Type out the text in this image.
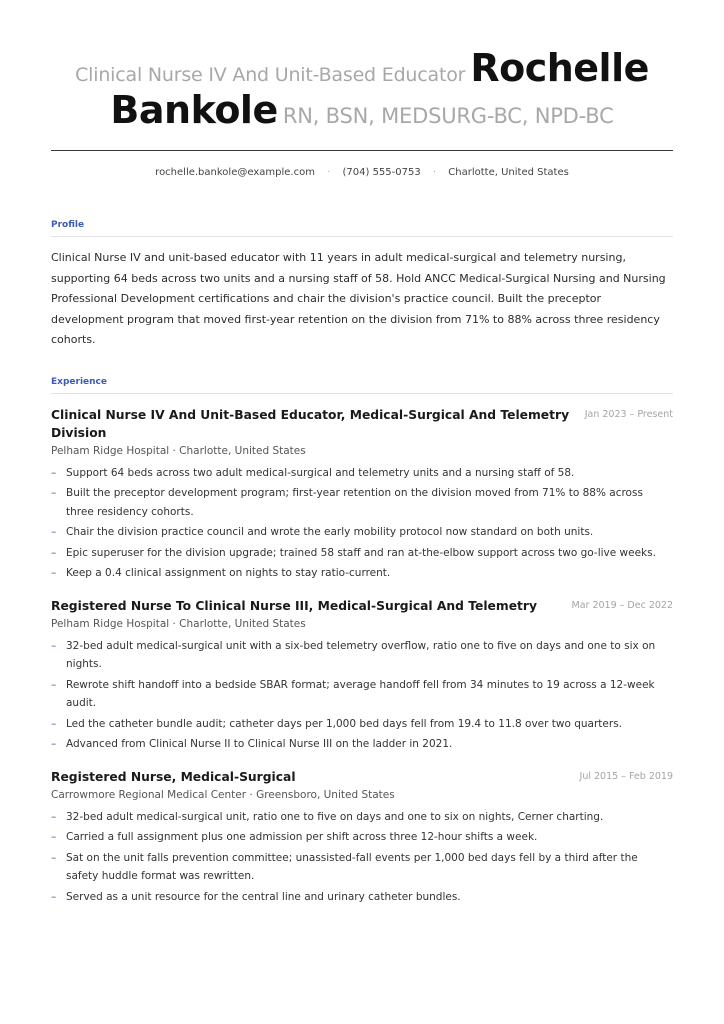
Clinical Nurse IV And Unit-Based Educator Rochelle
Bankole RN, BSN, MEDSURG-BC, NPD-BC
rochelle.bankole@example.com · (704) 555-0753 · Charlotte, United States
Profile
Clinical Nurse IV and unit-based educator with 11 years in adult medical-surgical and telemetry nursing, supporting 64 beds across two units and a nursing staff of 58. Hold ANCC Medical-Surgical Nursing and Nursing Professional Development certifications and chair the division's practice council. Built the preceptor development program that moved first-year retention on the division from 71% to 88% across three residency cohorts.
Experience
Clinical Nurse IV And Unit-Based Educator, Medical-Surgical And Telemetry Division
Jan 2023 – Present
Pelham Ridge Hospital · Charlotte, United States
– Support 64 beds across two adult medical-surgical and telemetry units and a nursing staff of 58.
– Built the preceptor development program; first-year retention on the division moved from 71% to 88% across three residency cohorts.
– Chair the division practice council and wrote the early mobility protocol now standard on both units.
– Epic superuser for the division upgrade; trained 58 staff and ran at-the-elbow support across two go-live weeks.
– Keep a 0.4 clinical assignment on nights to stay ratio-current.
Registered Nurse To Clinical Nurse III, Medical-Surgical And Telemetry	Mar 2019 – Dec 2022
Pelham Ridge Hospital · Charlotte, United States
– 32-bed adult medical-surgical unit with a six-bed telemetry overflow, ratio one to five on days and one to six on nights.
– Rewrote shift handoff into a bedside SBAR format; average handoff fell from 34 minutes to 19 across a 12-week audit.
– Led the catheter bundle audit; catheter days per 1,000 bed days fell from 19.4 to 11.8 over two quarters.
– Advanced from Clinical Nurse II to Clinical Nurse III on the ladder in 2021.
Registered Nurse, Medical-Surgical	Jul 2015 – Feb 2019
Carrowmore Regional Medical Center · Greensboro, United States
– 32-bed adult medical-surgical unit, ratio one to five on days and one to six on nights, Cerner charting.
– Carried a full assignment plus one admission per shift across three 12-hour shifts a week.
– Sat on the unit falls prevention committee; unassisted-fall events per 1,000 bed days fell by a third after the safety huddle format was rewritten.
– Served as a unit resource for the central line and urinary catheter bundles.
